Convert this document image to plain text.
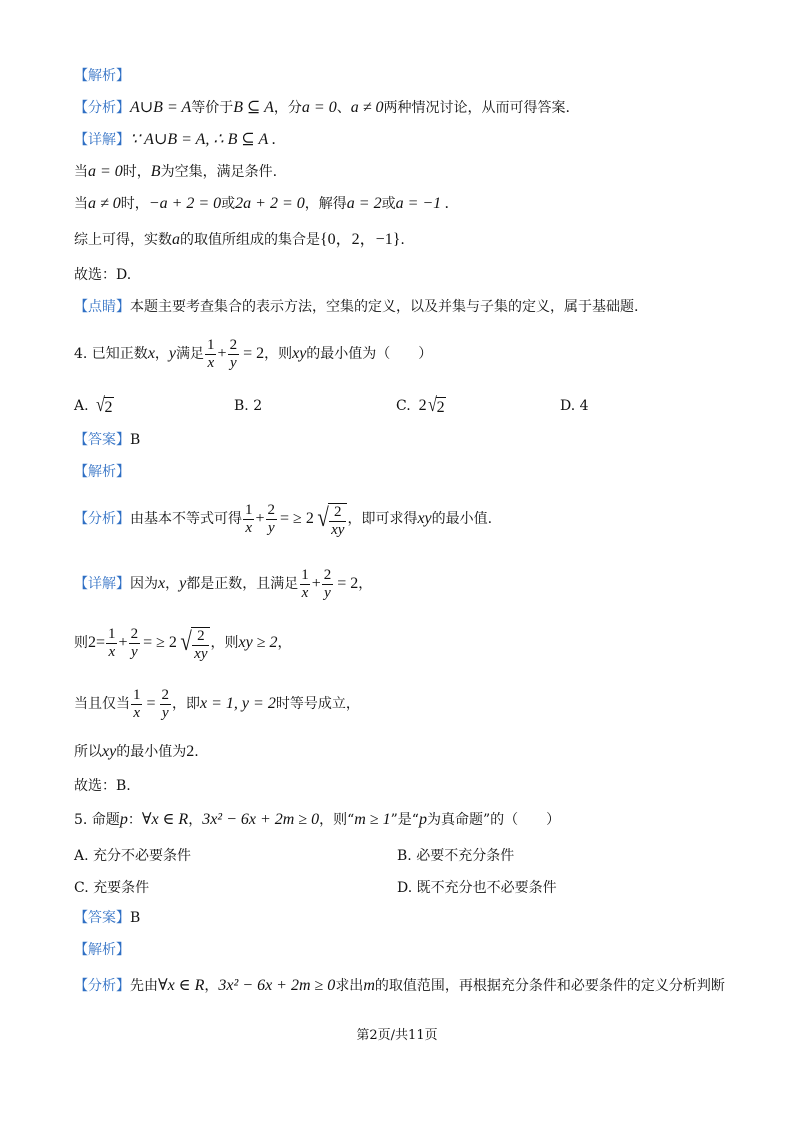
【解析】
【分析】A∪B = A等价于B ⊆ A，分a = 0、a ≠ 0两种情况讨论，从而可得答案.
【详解】∵ A∪B = A, ∴ B ⊆ A .
当a = 0时，B为空集，满足条件.
当a ≠ 0时，−a + 2 = 0或2a + 2 = 0，解得a = 2或a = −1 .
综上可得，实数a的取值所组成的集合是{0，2，−1}.
故选：D.
【点睛】本题主要考查集合的表示方法，空集的定义，以及并集与子集的定义，属于基础题.
4. 已知正数 x ， y 满足 $\frac{1}{x} + \frac{2}{y} = 2$ ，则 xy 的最小值为（　　）
A. √ 2	B. 2	C. 2 √ 2	D. 4
【答案】B
【解析】
【分析】 由基本不等式可得 $\frac{1}{x} + \frac{2}{y}$ = ≥ 2 √ $\frac{2}{xy}$ ，即可求得 xy 的最小值.
【详解】 因为 x ， y 都是正数，且满足 $\frac{1}{x} + \frac{2}{y} = 2$ ，
则 $2= \frac{1}{x} + \frac{2}{y}$ = ≥ 2 √ $\frac{2}{xy}$ ，则 xy ≥ 2 ，
当且仅当 $\frac{1}{x} = \frac{2}{y}$ ，即 x = 1, y = 2 时等号成立，
所以xy的最小值为2.
故选：B.
5. 命题p：∀x ∈ R，3x² − 6x + 2m ≥ 0，则“m ≥ 1”是“p为真命题”的（　　）
A. 充分不必要条件	B. 必要不充分条件
C. 充要条件	D. 既不充分也不必要条件
【答案】B
【解析】
【分析】先由∀x ∈ R，3x² − 6x + 2m ≥ 0求出m的取值范围，再根据充分条件和必要条件的定义分析判断
第2页/共11页
